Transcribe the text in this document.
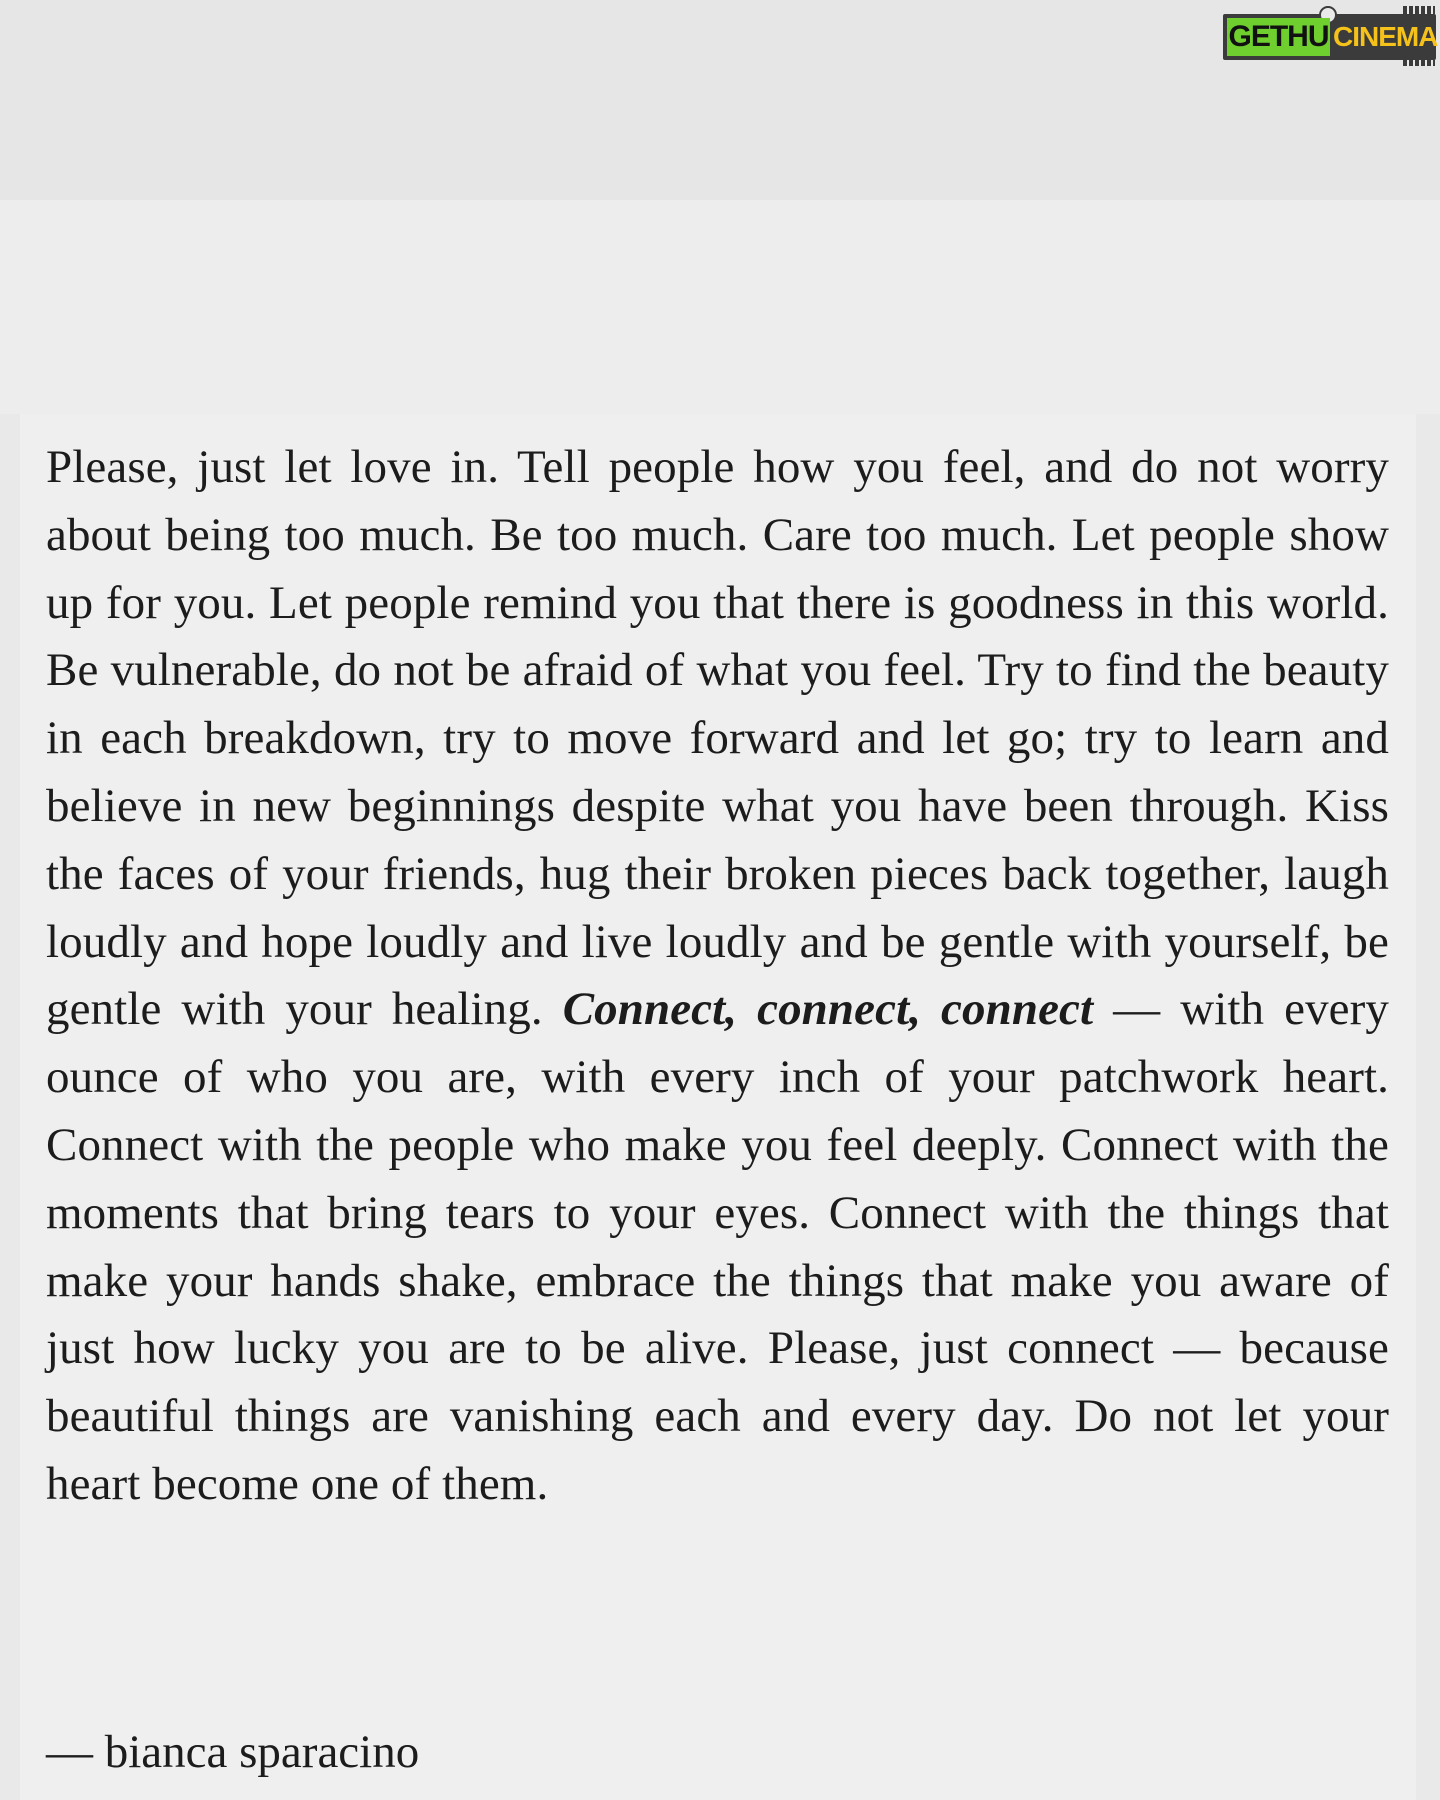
GETHU CINEMA

Please, just let love in. Tell people how you feel, and do not worry about being too much. Be too much. Care too much. Let people show up for you. Let people remind you that there is goodness in this world. Be vulnerable, do not be afraid of what you feel. Try to find the beauty in each breakdown, try to move forward and let go; try to learn and believe in new beginnings despite what you have been through. Kiss the faces of your friends, hug their broken pieces back together, laugh loudly and hope loudly and live loudly and be gentle with yourself, be gentle with your healing. Connect, connect, connect — with every ounce of who you are, with every inch of your patchwork heart. Connect with the people who make you feel deeply. Connect with the moments that bring tears to your eyes. Connect with the things that make your hands shake, embrace the things that make you aware of just how lucky you are to be alive. Please, just connect — because beautiful things are vanishing each and every day. Do not let your heart become one of them.

— bianca sparacino
